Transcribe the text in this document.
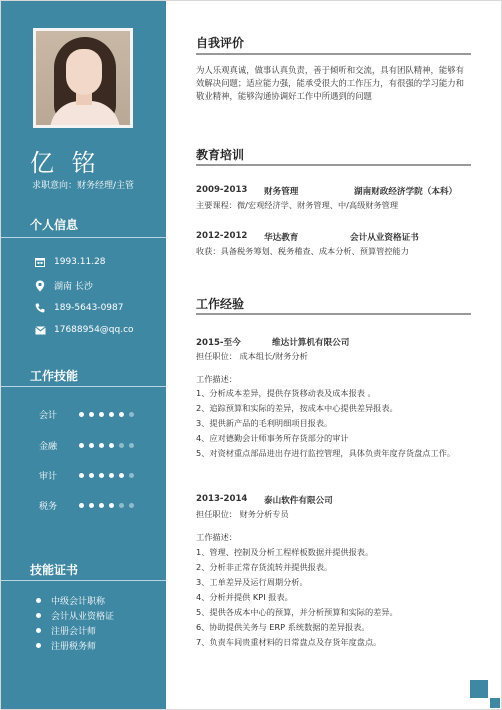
亿 铭
求职意向：财务经理/主管
个人信息
1993.11.28
湖南 长沙
189-5643-0987
17688954@qq.co
工作技能
会计
金融
审计
税务
技能证书
中级会计职称
会计从业资格证
注册会计师
注册税务师
自我评价
为人乐观真诚，做事认真负责，善于倾听和交流，具有团队精神，能够有效解决问题；适应能力强，能承受很大的工作压力，有很强的学习能力和敬业精神，能够沟通协调好工作中所遇到的问题
教育培训
2009-2013	财务管理	湖南财政经济学院（本科）
主要课程：微/宏观经济学、财务管理、中/高级财务管理
2012-2012	华达教育	会计从业资格证书
收获：具备税务筹划、税务稽查、成本分析、预算管控能力
工作经验
2015-至今	维达计算机有限公司
担任职位： 成本组长/财务分析
工作描述：
1、分析成本差异，提供存货移动表及成本报表 。
2、追踪预算和实际的差异，按成本中心提供差异报表。
3、提供新产品的毛利明细项目报表。
4、应对德勤会计师事务所存货部分的审计
5、对资材重点部品进出存进行监控管理，具体负责年度存货盘点工作。
2013-2014	泰山软件有限公司
担任职位： 财务分析专员
工作描述：
1、管理、控制及分析工程样板数据并提供报表。
2、分析非正常存货流转并提供报表。
3、工单差异及运行周期分析。
4、分析并提供 KPI 报表。
5、提供各成本中心的预算，并分析预算和实际的差异。
6、协助提供关务与 ERP 系统数据的差异报表。
7、负责车间贵重材料的日常盘点及存货年度盘点。
